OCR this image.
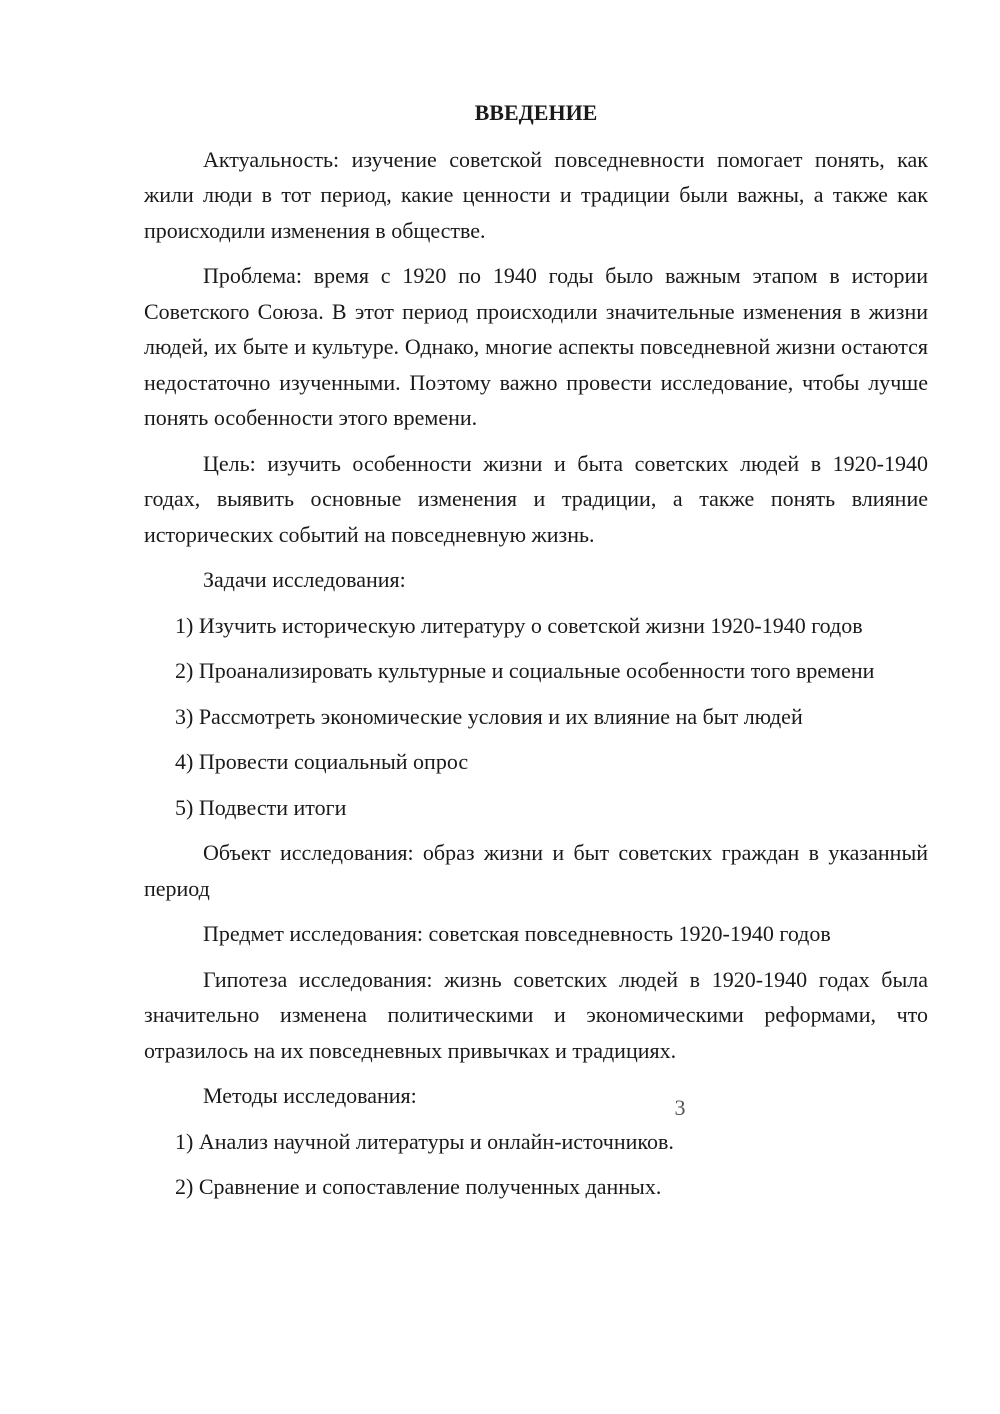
ВВЕДЕНИЕ

Актуальность: изучение советской повседневности помогает понять, как жили люди в тот период, какие ценности и традиции были важны, а также как происходили изменения в обществе.

Проблема: время с 1920 по 1940 годы было важным этапом в истории Советского Союза. В этот период происходили значительные изменения в жизни людей, их быте и культуре. Однако, многие аспекты повседневной жизни остаются недостаточно изученными. Поэтому важно провести исследование, чтобы лучше понять особенности этого времени.

Цель: изучить особенности жизни и быта советских людей в 1920-1940 годах, выявить основные изменения и традиции, а также понять влияние исторических событий на повседневную жизнь.

Задачи исследования:

1) Изучить историческую литературу о советской жизни 1920-1940 годов

2) Проанализировать культурные и социальные особенности того времени

3) Рассмотреть экономические условия и их влияние на быт людей

4) Провести социальный опрос

5) Подвести итоги

Объект исследования: образ жизни и быт советских граждан в указанный период

Предмет исследования: советская повседневность 1920-1940 годов

Гипотеза исследования: жизнь советских людей в 1920-1940 годах была значительно изменена политическими и экономическими реформами, что отразилось на их повседневных привычках и традициях.

Методы исследования:

1) Анализ научной литературы и онлайн-источников.

2) Сравнение и сопоставление полученных данных.

3
